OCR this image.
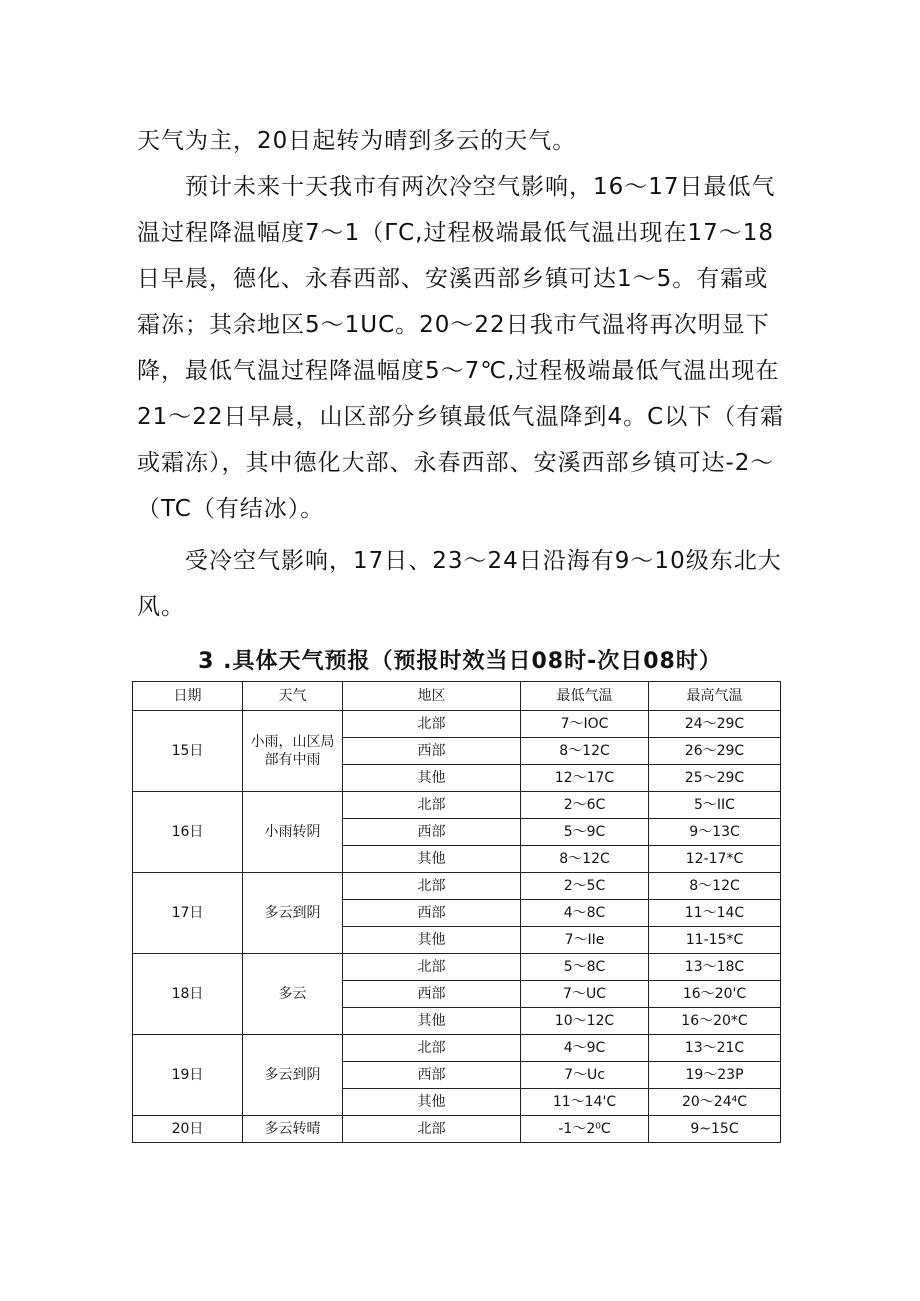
天气为主，20日起转为晴到多云的天气。

预计未来十天我市有两次冷空气影响，16〜17日最低气温过程降温幅度7〜1（ΓC,过程极端最低气温出现在17〜18日早晨，德化、永春西部、安溪西部乡镇可达1〜5。有霜或霜冻；其余地区5〜1UC。20〜22日我市气温将再次明显下降，最低气温过程降温幅度5〜7℃,过程极端最低气温出现在21〜22日早晨，山区部分乡镇最低气温降到4。C以下（有霜或霜冻），其中德化大部、永春西部、安溪西部乡镇可达-2〜（TC（有结冰）。

受冷空气影响，17日、23〜24日沿海有9〜10级东北大风。

3 .具体天气预报（预报时效当日08时-次日08时）
日期	天气	地区	最低气温	最高气温
15日	小雨，山区局部有中雨	北部	7～IOC	24～29C
		西部	8～12C	26～29C
		其他	12～17C	25～29C
16日	小雨转阴	北部	2～6C	5～IIC
		西部	5～9C	9～13C
		其他	8～12C	12-17*C
17日	多云到阴	北部	2～5C	8～12C
		西部	4～8C	11～14C
		其他	7～IIe	11-15*C
18日	多云	北部	5～8C	13～18C
		西部	7～UC	16～20'C
		其他	10～12C	16～20*C
19日	多云到阴	北部	4～9C	13～21C
		西部	7～Uc	19～23P
		其他	11～14'C	20～24⁴C
20日	多云转晴	北部	-1～2⁰C	9~15C
